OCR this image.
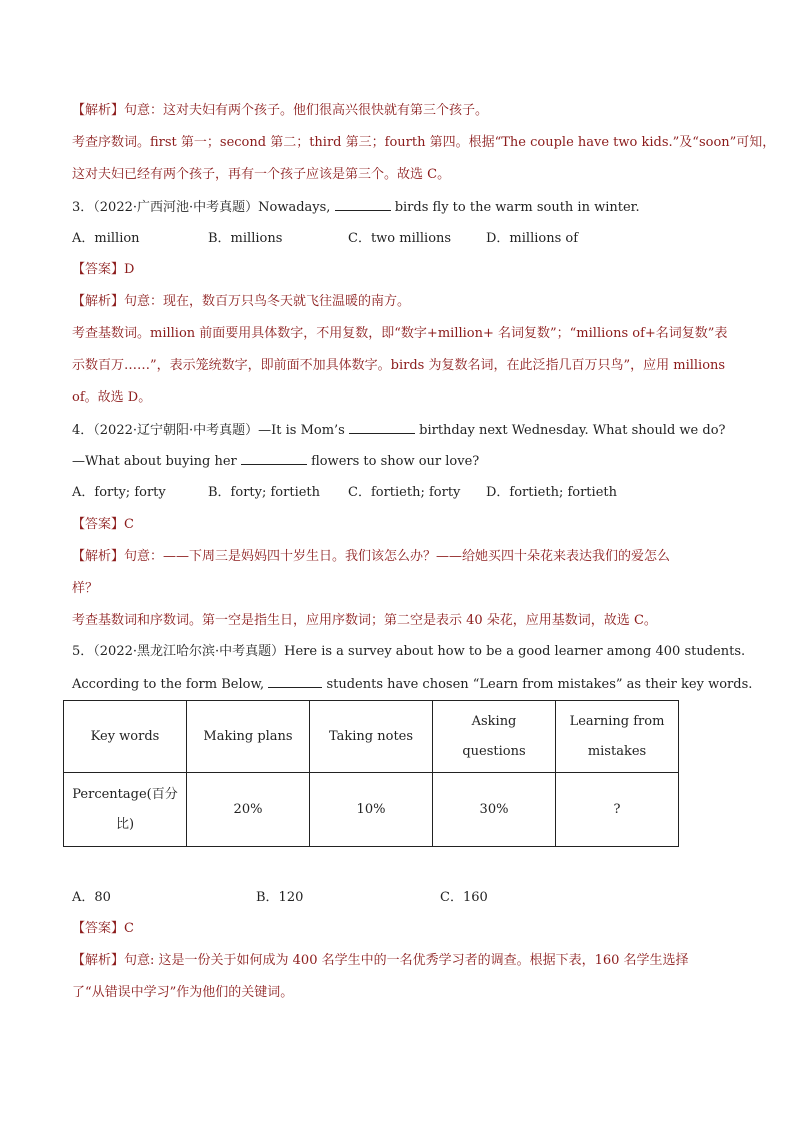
【解析】句意：这对夫妇有两个孩子。他们很高兴很快就有第三个孩子。
考查序数词。first 第一；second 第二；third 第三；fourth 第四。根据“The couple have two kids.”及“soon”可知，
这对夫妇已经有两个孩子，再有一个孩子应该是第三个。故选 C。
3．（2022·广西河池·中考真题）Nowadays,	birds fly to the warm south in winter.
A．million	B．millions	C．two millions	D．millions of
【答案】D
【解析】句意：现在，数百万只鸟冬天就飞往温暖的南方。
考查基数词。million 前面要用具体数字，不用复数，即“数字+million+ 名词复数”；“millions of+名词复数”表
示数百万……”，表示笼统数字，即前面不加具体数字。birds 为复数名词，在此泛指几百万只鸟”，应用 millions
of。故选 D。
4．（2022·辽宁朝阳·中考真题）—It is Mom’s	birthday next Wednesday. What should we do?
—What about buying her	flowers to show our love?
A．forty; forty	B．forty; fortieth C．fortieth; forty D．fortieth; fortieth
【答案】C
【解析】句意：——下周三是妈妈四十岁生日。我们该怎么办？——给她买四十朵花来表达我们的爱怎么
样？
考查基数词和序数词。第一空是指生日，应用序数词；第二空是表示 40 朵花，应用基数词，故选 C。
5．（2022·黑龙江哈尔滨·中考真题）Here is a survey about how to be a good learner among 400 students.
According to the form Below,	students have chosen “Learn from mistakes” as their key words.
Key words	Making plans	Taking notes	Asking questions	Learning from mistakes
Percentage(百分比)	20%	10%	30%	?
A．80	B．120	C．160
【答案】C
【解析】句意: 这是一份关于如何成为 400 名学生中的一名优秀学习者的调查。根据下表，160 名学生选择
了“从错误中学习”作为他们的关键词。
